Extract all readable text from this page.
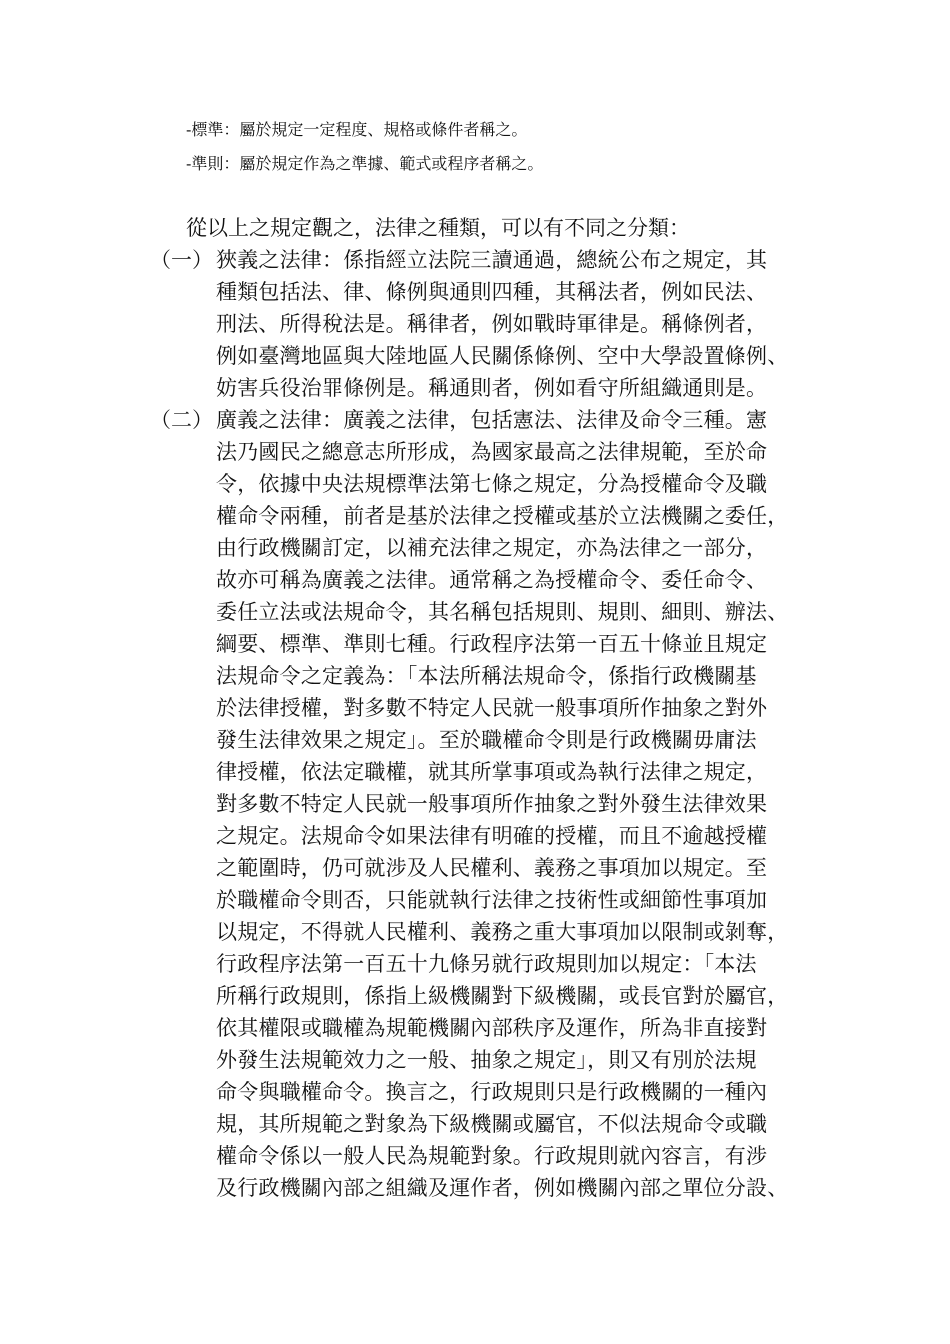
-標準：屬於規定一定程度、規格或條件者稱之。
-準則：屬於規定作為之準據、範式或程序者稱之。
從以上之規定觀之，法律之種類，可以有不同之分類：
（一） 狹義之法律：係指經立法院三讀通過，總統公布之規定，其
種類包括法、律、條例與通則四種，其稱法者，例如民法、
刑法、所得稅法是。稱律者，例如戰時軍律是。稱條例者，
例如臺灣地區與大陸地區人民關係條例、空中大學設置條例、
妨害兵役治罪條例是。稱通則者，例如看守所組織通則是。
（二） 廣義之法律：廣義之法律，包括憲法、法律及命令三種。憲
法乃國民之總意志所形成，為國家最高之法律規範，至於命
令，依據中央法規標準法第七條之規定，分為授權命令及職
權命令兩種，前者是基於法律之授權或基於立法機關之委任，
由行政機關訂定，以補充法律之規定，亦為法律之一部分，
故亦可稱為廣義之法律。通常稱之為授權命令、委任命令、
委任立法或法規命令，其名稱包括規則、規則、細則、辦法、
綱要、標準、準則七種。行政程序法第一百五十條並且規定
法規命令之定義為：「本法所稱法規命令，係指行政機關基
於法律授權，對多數不特定人民就一般事項所作抽象之對外
發生法律效果之規定」。至於職權命令則是行政機關毋庸法
律授權，依法定職權，就其所掌事項或為執行法律之規定，
對多數不特定人民就一般事項所作抽象之對外發生法律效果
之規定。法規命令如果法律有明確的授權，而且不逾越授權
之範圍時，仍可就涉及人民權利、義務之事項加以規定。至
於職權命令則否，只能就執行法律之技術性或細節性事項加
以規定，不得就人民權利、義務之重大事項加以限制或剝奪，
行政程序法第一百五十九條另就行政規則加以規定：「本法
所稱行政規則，係指上級機關對下級機關，或長官對於屬官，
依其權限或職權為規範機關內部秩序及運作，所為非直接對
外發生法規範效力之一般、抽象之規定」，則又有別於法規
命令與職權命令。換言之，行政規則只是行政機關的一種內
規，其所規範之對象為下級機關或屬官，不似法規命令或職
權命令係以一般人民為規範對象。行政規則就內容言，有涉
及行政機關內部之組織及運作者，例如機關內部之單位分設、
